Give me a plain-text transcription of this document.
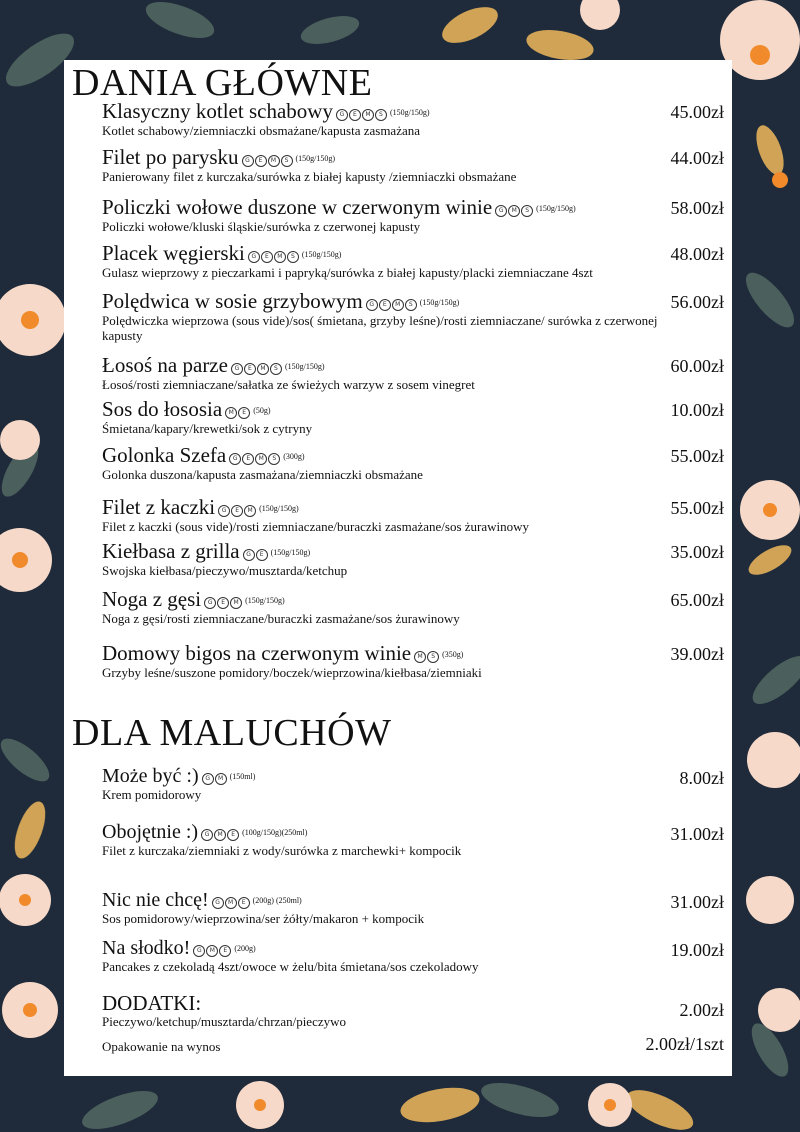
DANIA GŁÓWNE
Klasyczny kotlet schabowy	G	E	M	S (150g/150g)	45.00zł
Kotlet schabowy/ziemniaczki obsmażane/kapusta zasmażana
Filet po parysku	G	E	M	S (150g/150g)	44.00zł
Panierowany filet z kurczaka/surówka z białej kapusty /ziemniaczki obsmażane
Policzki wołowe duszone w czerwonym winie	G	M	S (150g/150g)	58.00zł
Policzki wołowe/kluski śląskie/surówka z czerwonej kapusty
Placek węgierski	G	E	M	S (150g/150g)	48.00zł
Gulasz wieprzowy z pieczarkami i papryką/surówka z białej kapusty/placki ziemniaczane 4szt
Polędwica w sosie grzybowym	G	E	M	S (150g/150g)	56.00zł
Polędwiczka wieprzowa (sous vide)/sos( śmietana, grzyby leśne)/rosti ziemniaczane/ surówka z czerwonej kapusty
Łosoś na parze	G	E	M	S (150g/150g)	60.00zł
Łosoś/rosti ziemniaczane/sałatka ze świeżych warzyw z sosem vinegret
Sos do łososia	M	E (50g)	10.00zł
Śmietana/kapary/krewetki/sok z cytryny
Golonka Szefa	G	E	M	S (300g)	55.00zł
Golonka duszona/kapusta zasmażana/ziemniaczki obsmażane
Filet z kaczki	G	E	M (150g/150g)	55.00zł
Filet z kaczki (sous vide)/rosti ziemniaczane/buraczki zasmażane/sos żurawinowy
Kiełbasa z grilla	G	E (150g/150g)	35.00zł
Swojska kiełbasa/pieczywo/musztarda/ketchup
Noga z gęsi	G	E	M (150g/150g)	65.00zł
Noga z gęsi/rosti ziemniaczane/buraczki zasmażane/sos żurawinowy
Domowy bigos na czerwonym winie	M	S (350g)	39.00zł
Grzyby leśne/suszone pomidory/boczek/wieprzowina/kiełbasa/ziemniaki
DLA MALUCHÓW
Może być :)	G	M (150ml)	8.00zł
Krem pomidorowy
Obojętnie :)	G	M	E (100g/150g)(250ml)	31.00zł
Filet z kurczaka/ziemniaki z wody/surówka z marchewki+ kompocik
Nic nie chcę!	G	M	E (200g) (250ml)	31.00zł
Sos pomidorowy/wieprzowina/ser żółty/makaron + kompocik
Na słodko!	G	M	E (200g)	19.00zł
Pancakes z czekoladą 4szt/owoce w żelu/bita śmietana/sos czekoladowy
DODATKI:	2.00zł
Pieczywo/ketchup/musztarda/chrzan/pieczywo
Opakowanie na wynos	2.00zł/1szt
